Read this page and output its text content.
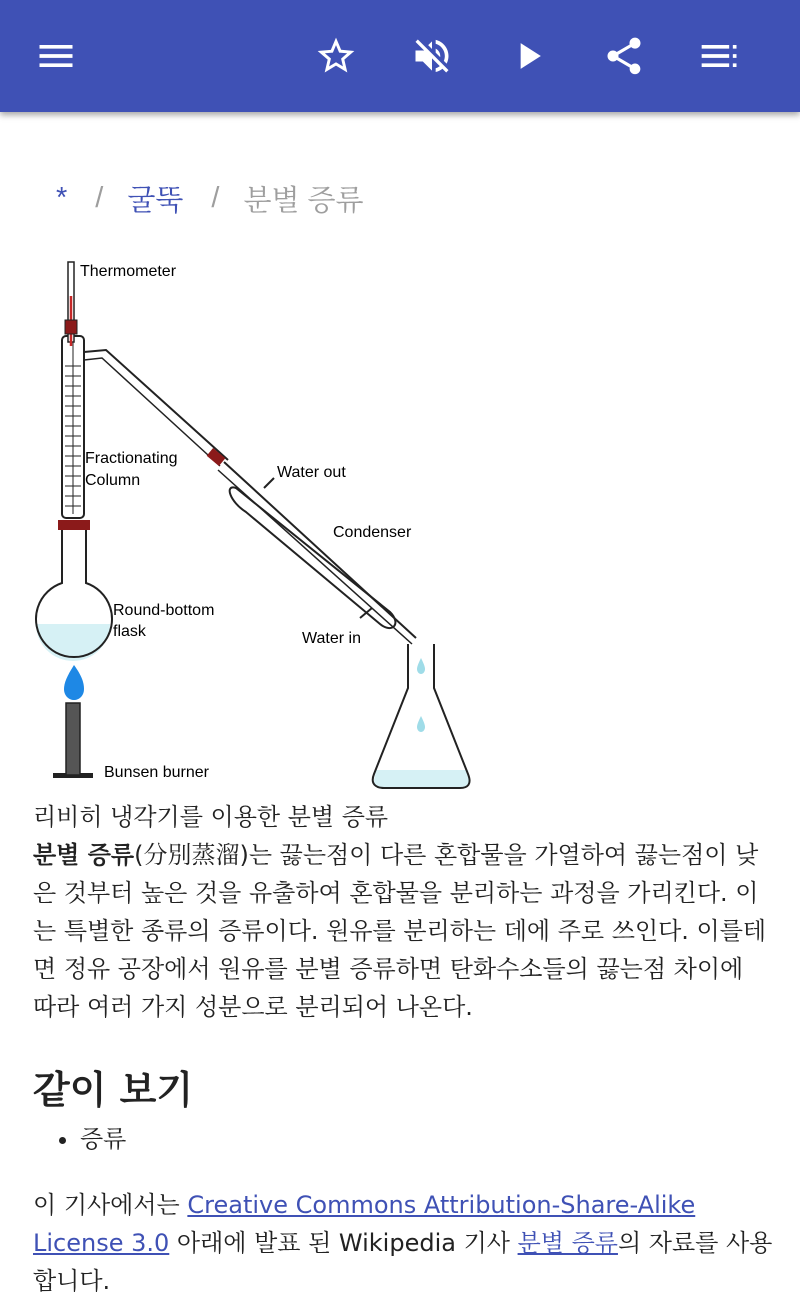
* / 굴뚝 / 분별 증류
Thermometer
Fractionating
Column	Water out
Condenser
Round-bottom
flask	Water in
Bunsen burner

리비히 냉각기를 이용한 분별 증류

분별 증류(分別蒸溜)는 끓는점이 다른 혼합물을 가열하여 끓는점이 낮은 것부터 높은 것을 유출하여 혼합물을 분리하는 과정을 가리킨다. 이는 특별한 종류의 증류이다. 원유를 분리하는 데에 주로 쓰인다. 이를테면 정유 공장에서 원유를 분별 증류하면 탄화수소들의 끓는점 차이에 따라 여러 가지 성분으로 분리되어 나온다.

같이 보기
• 증류

이 기사에서는 Creative Commons Attribution-Share-Alike License 3.0 아래에 발표 된 Wikipedia 기사 분별 증류의 자료를 사용합니다.
